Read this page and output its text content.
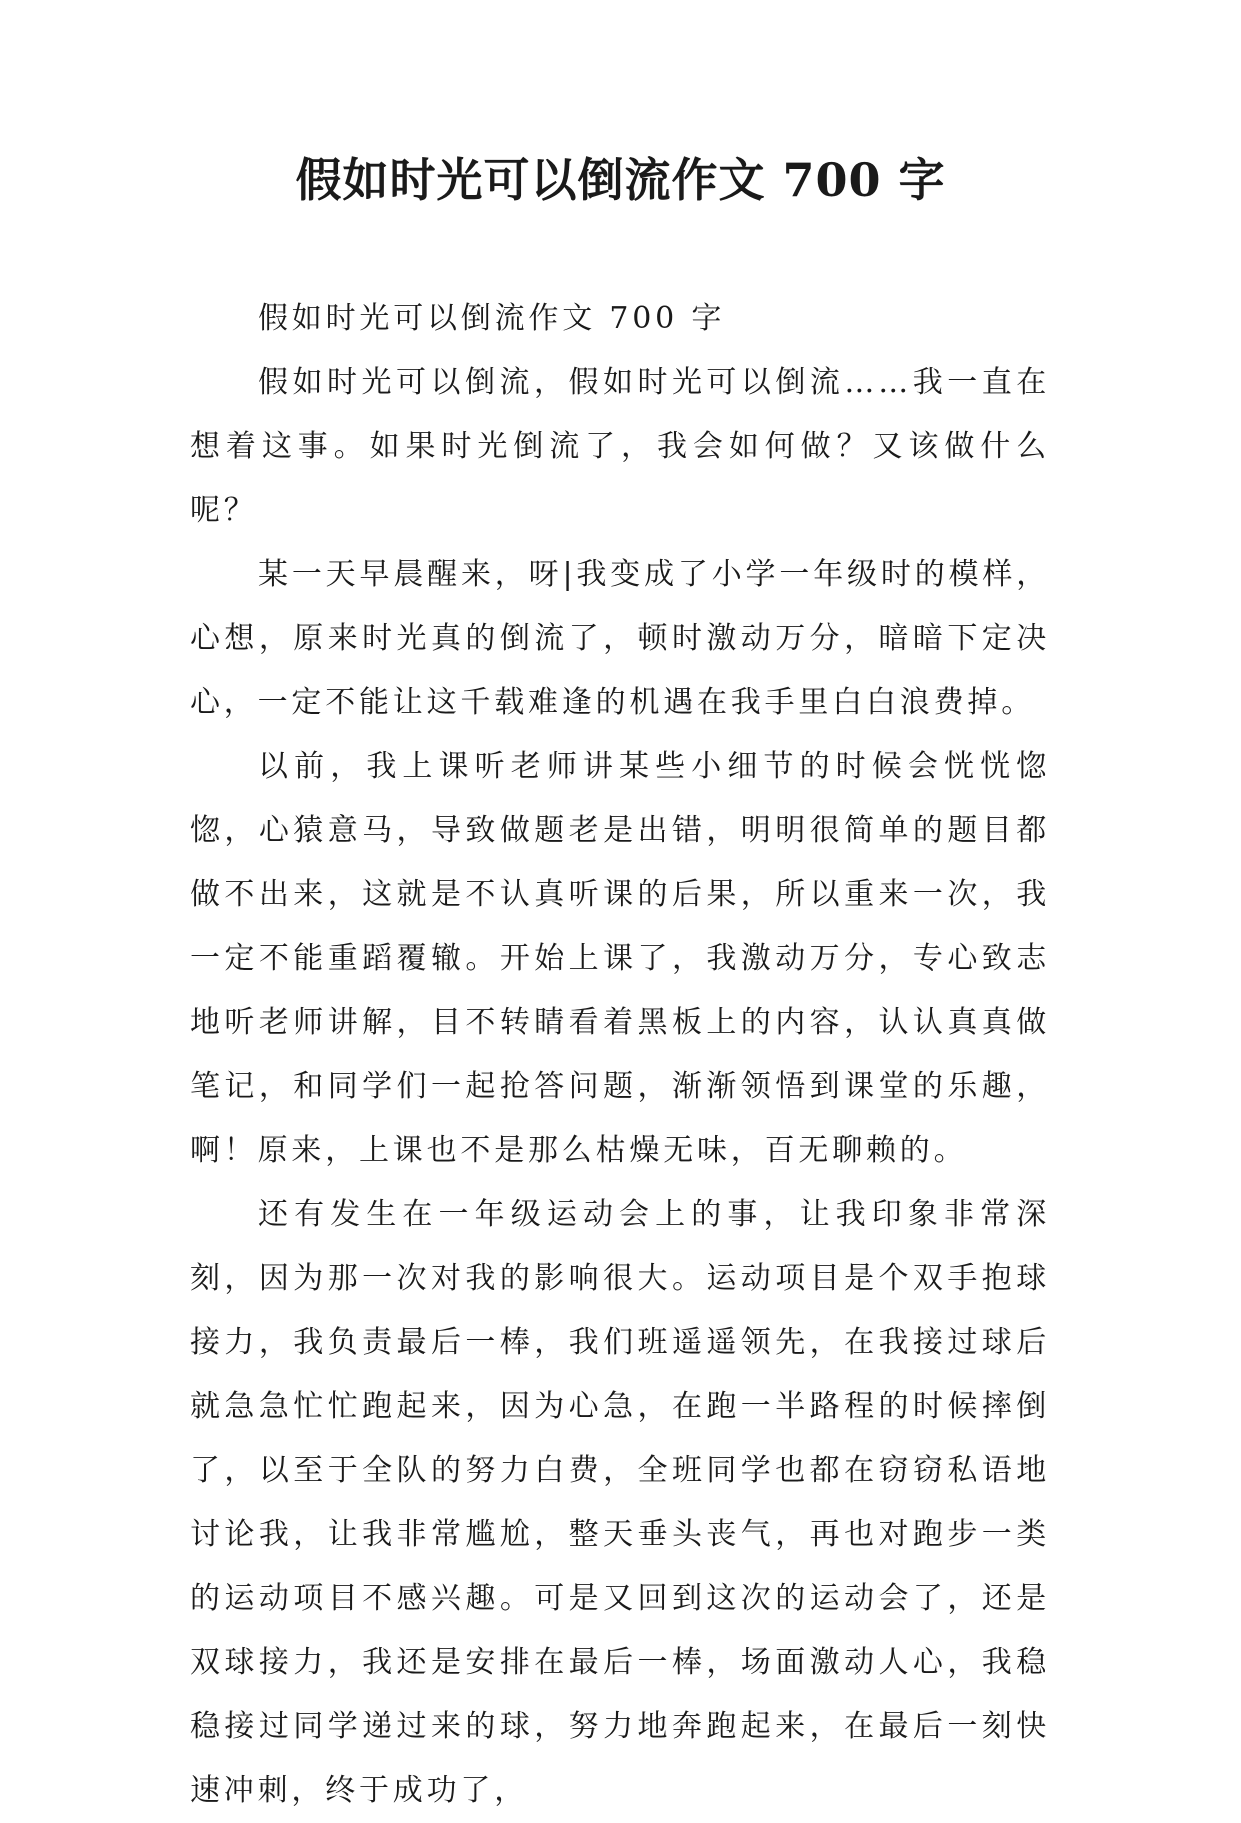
假如时光可以倒流作文 700 字

假如时光可以倒流作文 700 字

假如时光可以倒流，假如时光可以倒流……我一直在想着这事。如果时光倒流了，我会如何做？又该做什么呢？

某一天早晨醒来，呀|我变成了小学一年级时的模样，心想，原来时光真的倒流了，顿时激动万分，暗暗下定决心，一定不能让这千载难逢的机遇在我手里白白浪费掉。

以前，我上课听老师讲某些小细节的时候会恍恍惚惚，心猿意马，导致做题老是出错，明明很简单的题目都做不出来，这就是不认真听课的后果，所以重来一次，我一定不能重蹈覆辙。开始上课了，我激动万分，专心致志地听老师讲解，目不转睛看着黑板上的内容，认认真真做笔记，和同学们一起抢答问题，渐渐领悟到课堂的乐趣，啊！原来，上课也不是那么枯燥无味，百无聊赖的。

还有发生在一年级运动会上的事，让我印象非常深刻，因为那一次对我的影响很大。运动项目是个双手抱球接力，我负责最后一棒，我们班遥遥领先，在我接过球后就急急忙忙跑起来，因为心急，在跑一半路程的时候摔倒了，以至于全队的努力白费，全班同学也都在窃窃私语地讨论我，让我非常尴尬，整天垂头丧气，再也对跑步一类的运动项目不感兴趣。可是又回到这次的运动会了，还是双球接力，我还是安排在最后一棒，场面激动人心，我稳稳接过同学递过来的球，努力地奔跑起来，在最后一刻快速冲刺，终于成功了，
